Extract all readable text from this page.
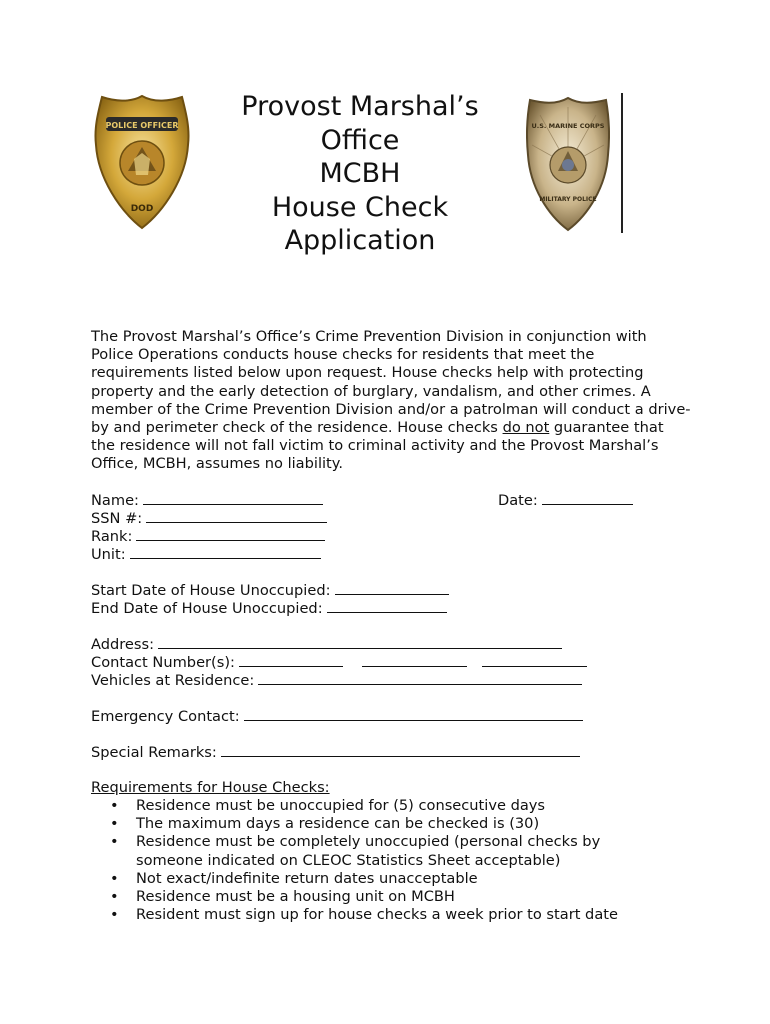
POLICE OFFICER
DOD
Provost Marshal’s
Office
MCBH
House Check
Application
U.S. MARINE CORPS
MILITARY POLICE

The Provost Marshal’s Office’s Crime Prevention Division in conjunction with Police Operations conducts house checks for residents that meet the requirements listed below upon request. House checks help with protecting property and the early detection of burglary, vandalism, and other crimes. A member of the Crime Prevention Division and/or a patrolman will conduct a drive-by and perimeter check of the residence. House checks do not guarantee that the residence will not fall victim to criminal activity and the Provost Marshal’s Office, MCBH, assumes no liability.

Name:	Date:
SSN #:
Rank:
Unit:
Start Date of House Unoccupied:
End Date of House Unoccupied:
Address:
Contact Number(s):
Vehicles at Residence:
Emergency Contact:
Special Remarks:
Requirements for House Checks:
• Residence must be unoccupied for (5) consecutive days
• The maximum days a residence can be checked is (30)
• Residence must be completely unoccupied (personal checks by someone indicated on CLEOC Statistics Sheet acceptable)
• Not exact/indefinite return dates unacceptable
• Residence must be a housing unit on MCBH
• Resident must sign up for house checks a week prior to start date
